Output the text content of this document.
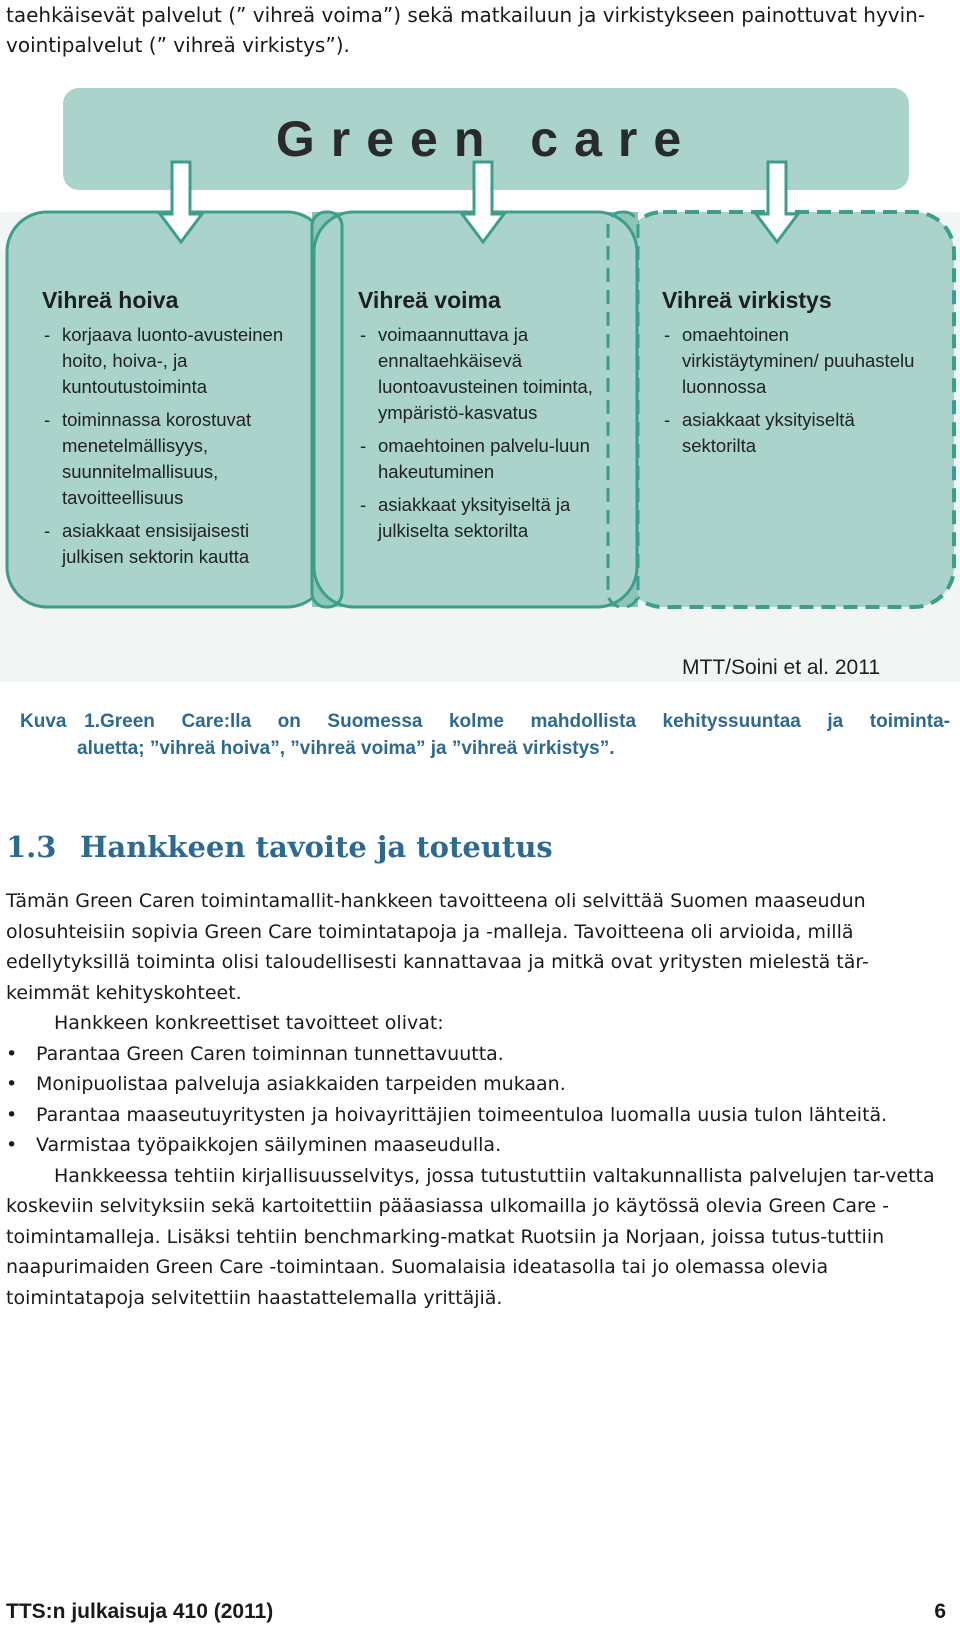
taehkäisevät palvelut (” vihreä voima”) sekä matkailuun ja virkistykseen painottuvat hyvin-vointipalvelut (” vihreä virkistys”).

Green care
Vihreä hoiva
- korjaava luonto-avusteinen hoito, hoiva-, ja kuntoutustoiminta
- toiminnassa korostuvat menetelmällisyys, suunnitelmallisuus, tavoitteellisuus
- asiakkaat ensisijaisesti julkisen sektorin kautta
Vihreä voima
- voimaannuttava ja ennaltaehkäisevä luontoavusteinen toiminta, ympäristö-kasvatus
- omaehtoinen palvelu-luun hakeutuminen
- asiakkaat yksityiseltä ja julkiselta sektorilta
Vihreä virkistys
- omaehtoinen virkistäytyminen/ puuhastelu luonnossa
- asiakkaat yksityiseltä sektorilta
MTT/Soini et al. 2011
Kuva 1.Green Care:lla on Suomessa kolme mahdollista kehityssuuntaa ja toiminta-
aluetta; ”vihreä hoiva”, ”vihreä voima” ja ”vihreä virkistys”.
1.3 Hankkeen tavoite ja toteutus

Tämän Green Caren toimintamallit-hankkeen tavoitteena oli selvittää Suomen maaseudun olosuhteisiin sopivia Green Care toimintatapoja ja -malleja. Tavoitteena oli arvioida, millä edellytyksillä toiminta olisi taloudellisesti kannattavaa ja mitkä ovat yritysten mielestä tär-keimmät kehityskohteet.

Hankkeen konkreettiset tavoitteet olivat:

• Parantaa Green Caren toiminnan tunnettavuutta.
• Monipuolistaa palveluja asiakkaiden tarpeiden mukaan.
• Parantaa maaseutuyritysten ja hoivayrittäjien toimeentuloa luomalla uusia tulon lähteitä.
• Varmistaa työpaikkojen säilyminen maaseudulla.

Hankkeessa tehtiin kirjallisuusselvitys, jossa tutustuttiin valtakunnallista palvelujen tar-vetta koskeviin selvityksiin sekä kartoitettiin pääasiassa ulkomailla jo käytössä olevia Green Care -toimintamalleja. Lisäksi tehtiin benchmarking-matkat Ruotsiin ja Norjaan, joissa tutus-tuttiin naapurimaiden Green Care -toimintaan. Suomalaisia ideatasolla tai jo olemassa olevia toimintatapoja selvitettiin haastattelemalla yrittäjiä.

TTS:n julkaisuja 410 (2011)	6
